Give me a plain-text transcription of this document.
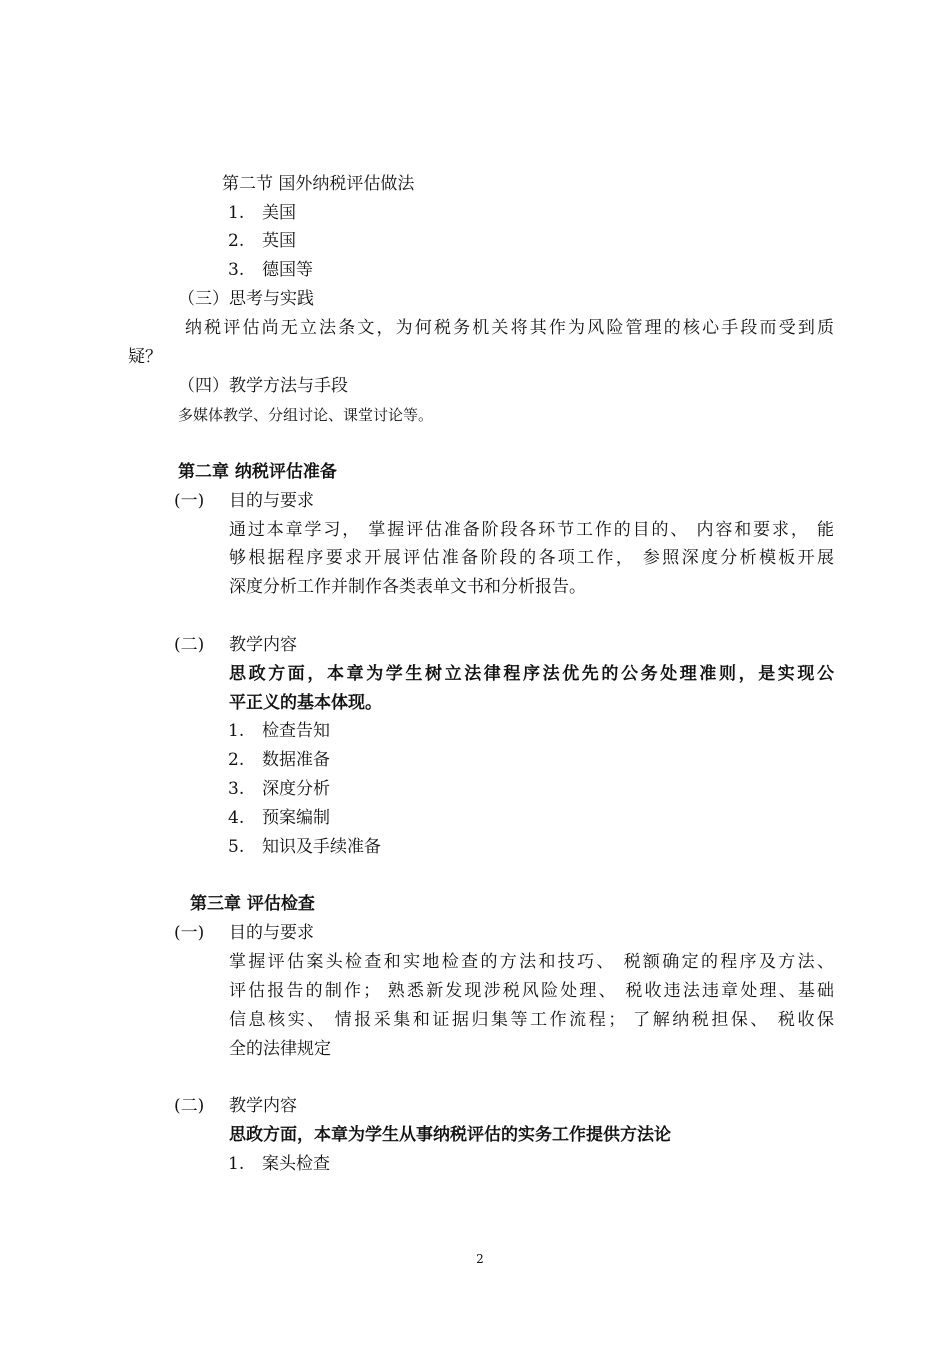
第二节 国外纳税评估做法
1. 美国
2. 英国
3. 德国等
（三）思考与实践
纳税评估尚无立法条文，为何税务机关将其作为风险管理的核心手段而受到质
疑？
（四）教学方法与手段
多媒体教学、分组讨论、课堂讨论等。
第二章 纳税评估准备
(一) 目的与要求
通过本章学习， 掌握评估准备阶段各环节工作的目的、 内容和要求， 能
够根据程序要求开展评估准备阶段的各项工作， 参照深度分析模板开展
深度分析工作并制作各类表单文书和分析报告。
(二) 教学内容
思政方面，本章为学生树立法律程序法优先的公务处理准则，是实现公
平正义的基本体现。
1. 检查告知
2. 数据准备
3. 深度分析
4. 预案编制
5. 知识及手续准备
第三章 评估检查
(一) 目的与要求
掌握评估案头检查和实地检查的方法和技巧、 税额确定的程序及方法、
评估报告的制作； 熟悉新发现涉税风险处理、 税收违法违章处理、基础
信息核实、 情报采集和证据归集等工作流程； 了解纳税担保、 税收保
全的法律规定
(二) 教学内容
思政方面，本章为学生从事纳税评估的实务工作提供方法论
1. 案头检查
2
